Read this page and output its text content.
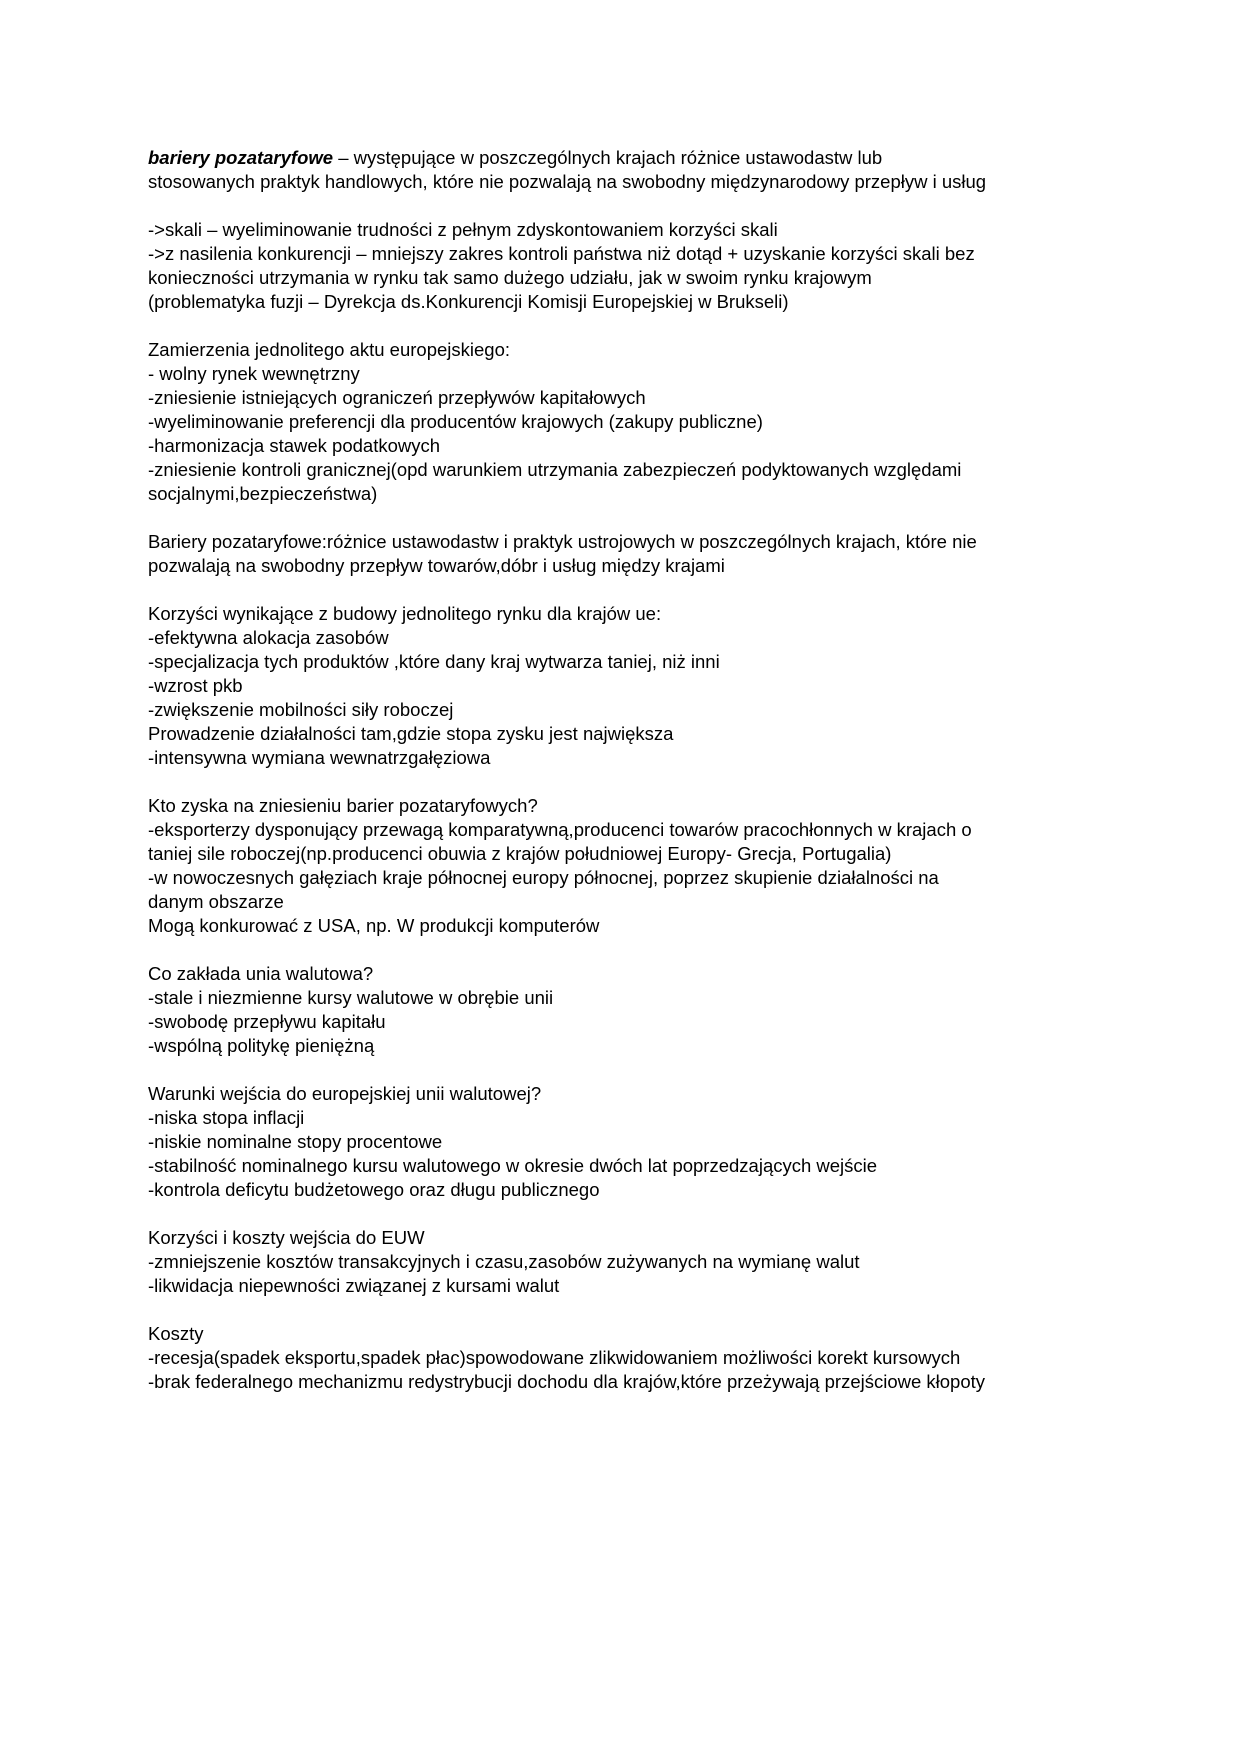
bariery pozataryfowe – występujące w poszczególnych krajach różnice ustawodastw lub
stosowanych praktyk handlowych, które nie pozwalają na swobodny międzynarodowy przepływ i usług
->skali – wyeliminowanie trudności z pełnym zdyskontowaniem korzyści skali
->z nasilenia konkurencji – mniejszy zakres kontroli państwa niż dotąd + uzyskanie korzyści skali bez
konieczności utrzymania w rynku tak samo dużego udziału, jak w swoim rynku krajowym
(problematyka fuzji – Dyrekcja ds.Konkurencji Komisji Europejskiej w Brukseli)
Zamierzenia jednolitego aktu europejskiego:
- wolny rynek wewnętrzny
-zniesienie istniejących ograniczeń przepływów kapitałowych
-wyeliminowanie preferencji dla producentów krajowych (zakupy publiczne)
-harmonizacja stawek podatkowych
-zniesienie kontroli granicznej(opd warunkiem utrzymania zabezpieczeń podyktowanych względami
socjalnymi,bezpieczeństwa)
Bariery pozataryfowe:różnice ustawodastw i praktyk ustrojowych w poszczególnych krajach, które nie
pozwalają na swobodny przepływ towarów,dóbr i usług między krajami
Korzyści wynikające z budowy jednolitego rynku dla krajów ue:
-efektywna alokacja zasobów
-specjalizacja tych produktów ,które dany kraj wytwarza taniej, niż inni
-wzrost pkb
-zwiększenie mobilności siły roboczej
Prowadzenie działalności tam,gdzie stopa zysku jest największa
-intensywna wymiana wewnatrzgałęziowa
Kto zyska na zniesieniu barier pozataryfowych?
-eksporterzy dysponujący przewagą komparatywną,producenci towarów pracochłonnych w krajach o
taniej sile roboczej(np.producenci obuwia z krajów południowej Europy- Grecja, Portugalia)
-w nowoczesnych gałęziach kraje północnej europy północnej, poprzez skupienie działalności na
danym obszarze
Mogą konkurować z USA, np. W produkcji komputerów
Co zakłada unia walutowa?
-stale i niezmienne kursy walutowe w obrębie unii
-swobodę przepływu kapitału
-wspólną politykę pieniężną
Warunki wejścia do europejskiej unii walutowej?
-niska stopa inflacji
-niskie nominalne stopy procentowe
-stabilność nominalnego kursu walutowego w okresie dwóch lat poprzedzających wejście
-kontrola deficytu budżetowego oraz długu publicznego
Korzyści i koszty wejścia do EUW
-zmniejszenie kosztów transakcyjnych i czasu,zasobów zużywanych na wymianę walut
-likwidacja niepewności związanej z kursami walut
Koszty
-recesja(spadek eksportu,spadek płac)spowodowane zlikwidowaniem możliwości korekt kursowych
-brak federalnego mechanizmu redystrybucji dochodu dla krajów,które przeżywają przejściowe kłopoty
